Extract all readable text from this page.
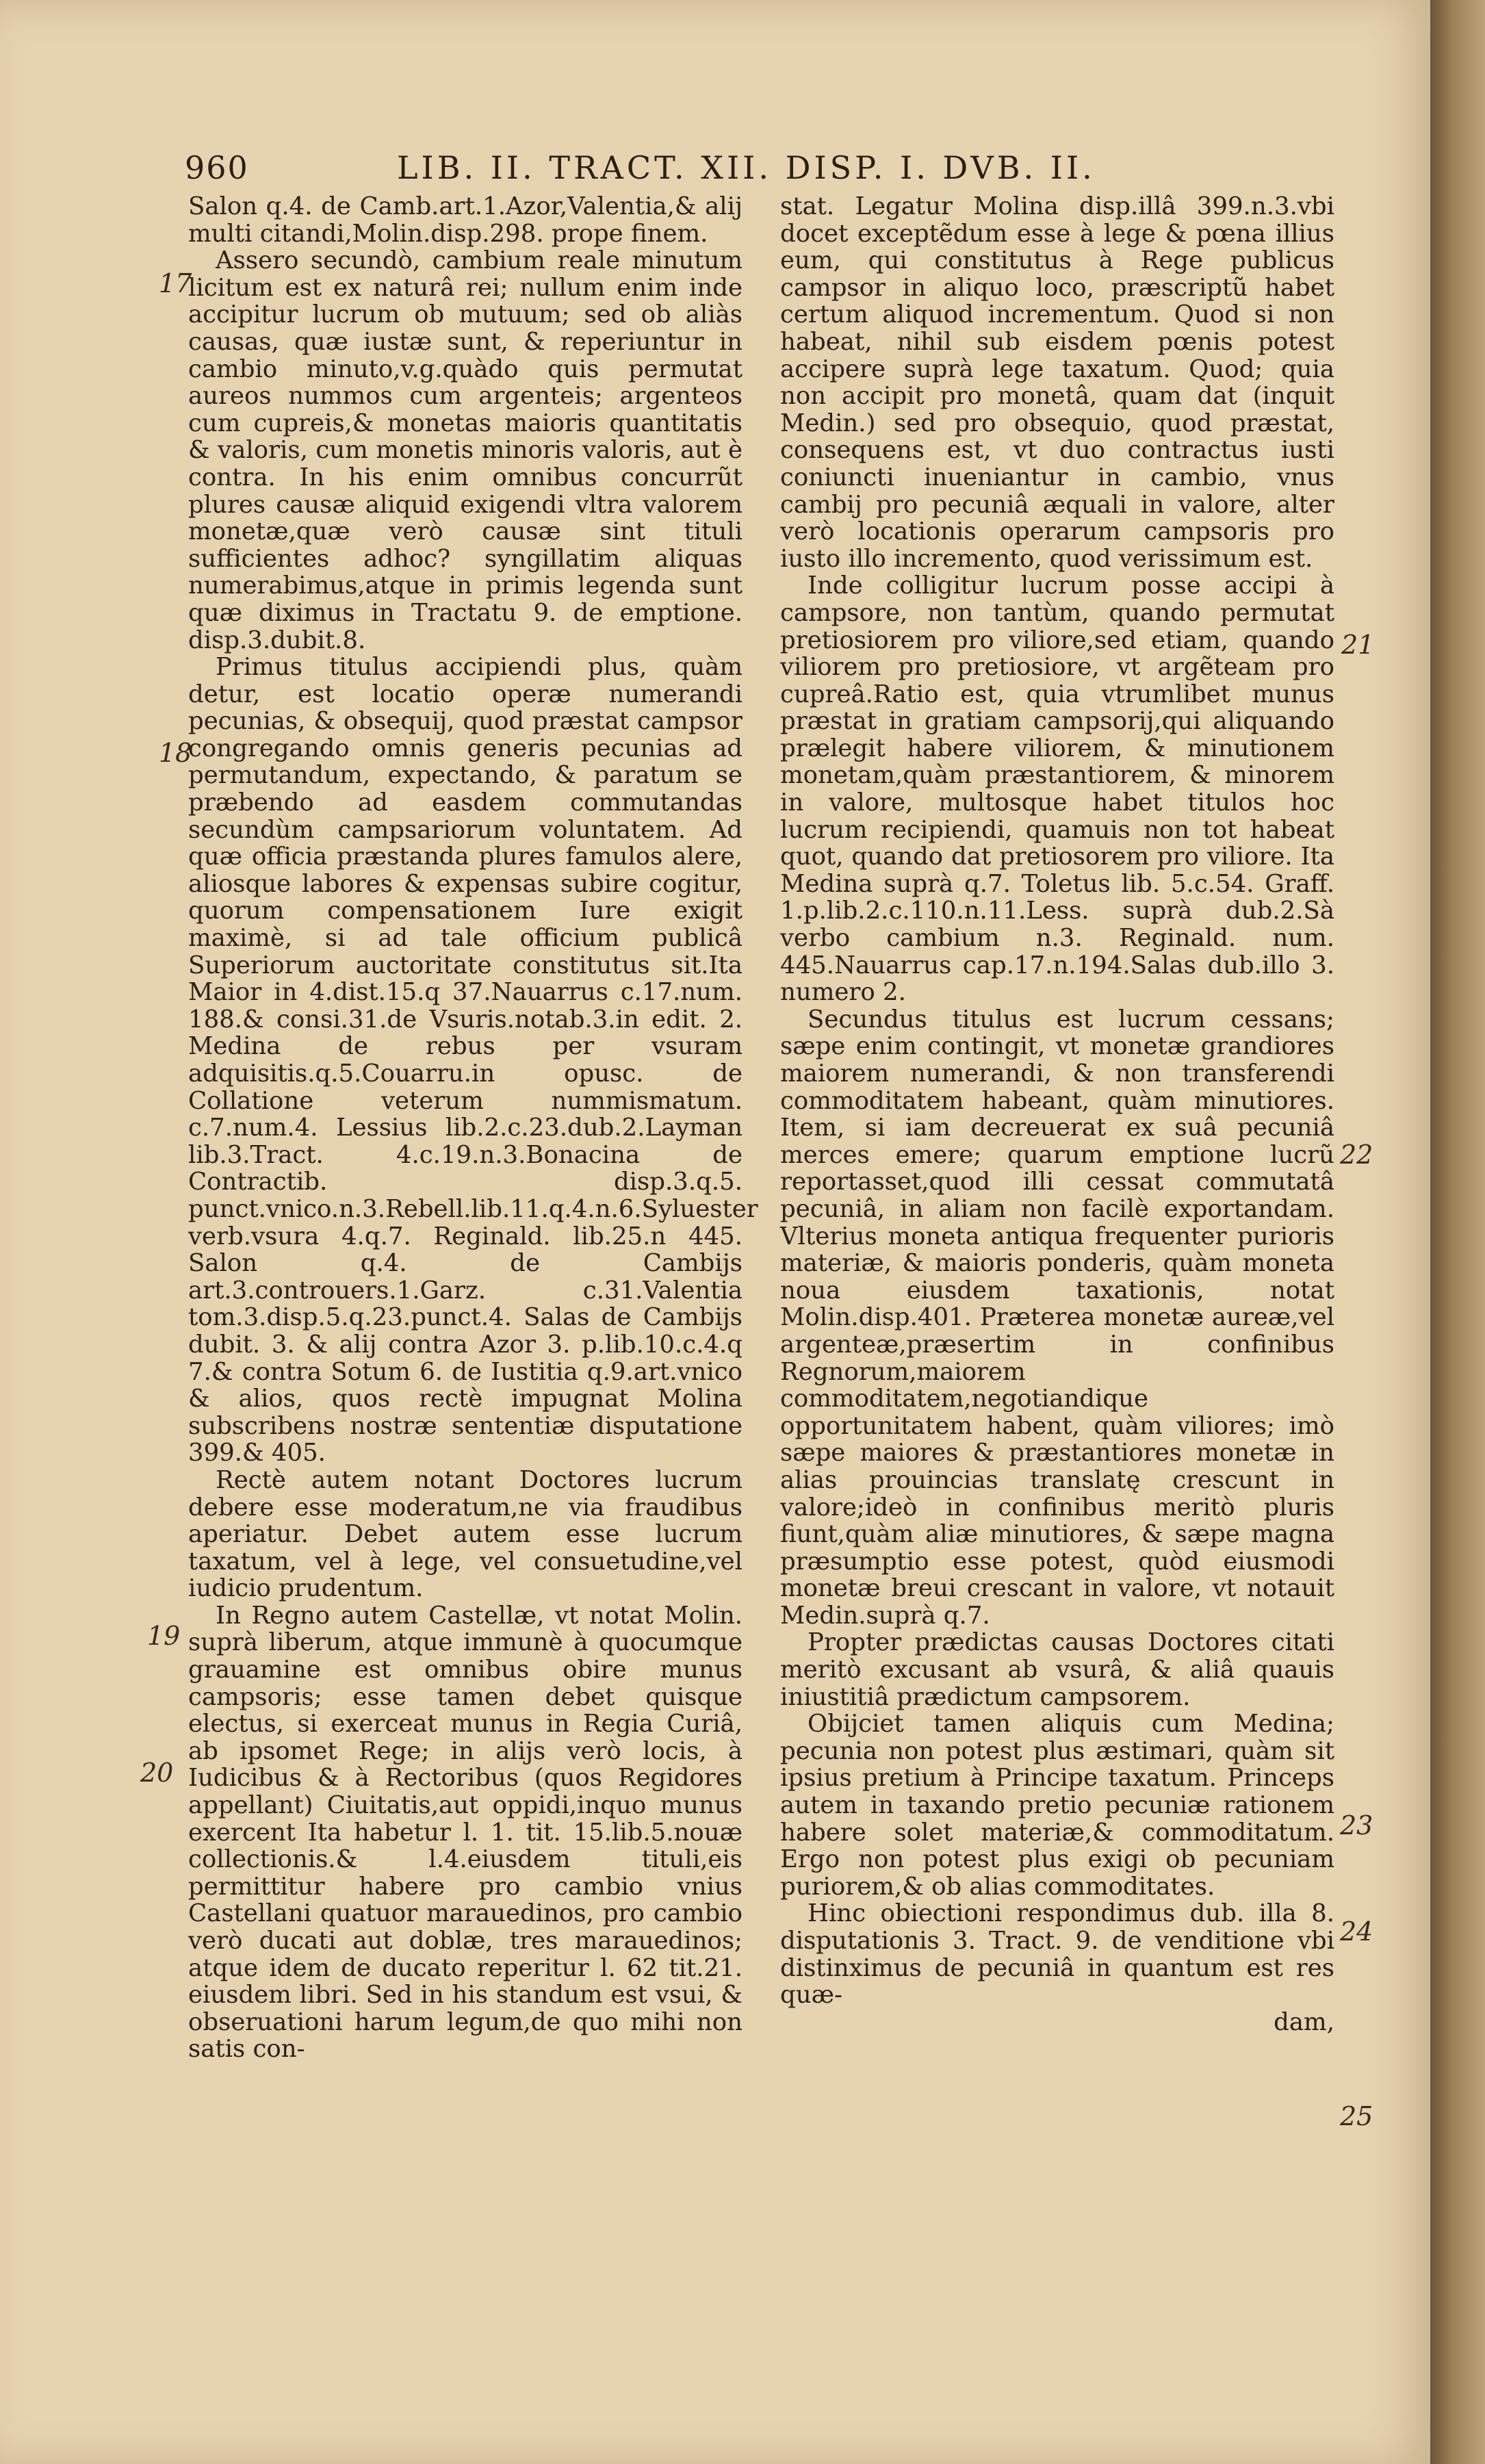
960	LIB. II. TRACT. XII. DISP. I. DVB. II.

Salon q.4. de Camb.art.1.Azor,Valentia,& alij multi citandi,Molin.disp.298. prope finem.

Assero secundò, cambium reale minutum licitum est ex naturâ rei; nullum enim inde accipitur lucrum ob mutuum; sed ob aliàs causas, quæ iustæ sunt, & reperiuntur in cambio minuto,v.g.quàdo quis permutat aureos nummos cum argenteis; argenteos cum cupreis,& monetas maioris quantitatis & valoris, cum monetis minoris valoris, aut è contra. In his enim omnibus concurrũt plures causæ aliquid exigendi vltra valorem monetæ,quæ verò causæ sint tituli sufficientes adhoc? syngillatim aliquas numerabimus,atque in primis legenda sunt quæ diximus in Tractatu 9. de emptione. disp.3.dubit.8.

Primus titulus accipiendi plus, quàm detur, est locatio operæ numerandi pecunias, & obsequij, quod præstat campsor congregando omnis generis pecunias ad permutandum, expectando, & paratum se præbendo ad easdem commutandas secundùm campsariorum voluntatem. Ad quæ officia præstanda plures famulos alere, aliosque labores & expensas subire cogitur, quorum compensationem Iure exigit maximè, si ad tale officium publicâ Superiorum auctoritate constitutus sit.Ita Maior in 4.dist.15.q 37.Nauarrus c.17.num. 188.& consi.31.de Vsuris.notab.3.in edit. 2. Medina de rebus per vsuram adquisitis.q.5.Couarru.in opusc. de Collatione veterum nummismatum. c.7.num.4. Lessius lib.2.c.23.dub.2.Layman lib.3.Tract. 4.c.19.n.3.Bonacina de Contractib. disp.3.q.5. punct.vnico.n.3.Rebell.lib.11.q.4.n.6.Syluester verb.vsura 4.q.7. Reginald. lib.25.n 445. Salon q.4. de Cambijs art.3.controuers.1.Garz. c.31.Valentia tom.3.disp.5.q.23.punct.4. Salas de Cambijs dubit. 3. & alij contra Azor 3. p.lib.10.c.4.q 7.& contra Sotum 6. de Iustitia q.9.art.vnico & alios, quos rectè impugnat Molina subscribens nostræ sententiæ disputatione 399.& 405.

Rectè autem notant Doctores lucrum debere esse moderatum,ne via fraudibus aperiatur. Debet autem esse lucrum taxatum, vel à lege, vel consuetudine,vel iudicio prudentum.

In Regno autem Castellæ, vt notat Molin. suprà liberum, atque immunè à quocumque grauamine est omnibus obire munus campsoris; esse tamen debet quisque electus, si exerceat munus in Regia Curiâ, ab ipsomet Rege; in alijs verò locis, à Iudicibus & à Rectoribus (quos Regidores appellant) Ciuitatis,aut oppidi,inquo munus exercent Ita habetur l. 1. tit. 15.lib.5.nouæ collectionis.& l.4.eiusdem tituli,eis permittitur habere pro cambio vnius Castellani quatuor marauedinos, pro cambio verò ducati aut doblæ, tres marauedinos; atque idem de ducato reperitur l. 62 tit.21. eiusdem libri. Sed in his standum est vsui, & obseruationi harum legum,de quo mihi non satis con-

stat. Legatur Molina disp.illâ 399.n.3.vbi docet exceptẽdum esse à lege & pœna illius eum, qui constitutus à Rege publicus campsor in aliquo loco, præscriptũ habet certum aliquod incrementum. Quod si non habeat, nihil sub eisdem pœnis potest accipere suprà lege taxatum. Quod; quia non accipit pro monetâ, quam dat (inquit Medin.) sed pro obsequio, quod præstat, consequens est, vt duo contractus iusti coniuncti inueniantur in cambio, vnus cambij pro pecuniâ æquali in valore, alter verò locationis operarum campsoris pro iusto illo incremento, quod verissimum est.

Inde colligitur lucrum posse accipi à campsore, non tantùm, quando permutat pretiosiorem pro viliore,sed etiam, quando viliorem pro pretiosiore, vt argẽteam pro cupreâ.Ratio est, quia vtrumlibet munus præstat in gratiam campsorij,qui aliquando prælegit habere viliorem, & minutionem monetam,quàm præstantiorem, & minorem in valore, multosque habet titulos hoc lucrum recipiendi, quamuis non tot habeat quot, quando dat pretiosorem pro viliore. Ita Medina suprà q.7. Toletus lib. 5.c.54. Graff. 1.p.lib.2.c.110.n.11.Less. suprà dub.2.Sà verbo cambium n.3. Reginald. num. 445.Nauarrus cap.17.n.194.Salas dub.illo 3. numero 2.

Secundus titulus est lucrum cessans; sæpe enim contingit, vt monetæ grandiores maiorem numerandi, & non transferendi commoditatem habeant, quàm minutiores. Item, si iam decreuerat ex suâ pecuniâ merces emere; quarum emptione lucrũ reportasset,quod illi cessat commutatâ pecuniâ, in aliam non facilè exportandam. Vlterius moneta antiqua frequenter purioris materiæ, & maioris ponderis, quàm moneta noua eiusdem taxationis, notat Molin.disp.401. Præterea monetæ aureæ,vel argenteæ,præsertim in confinibus Regnorum,maiorem commoditatem,negotiandique opportunitatem habent, quàm viliores; imò sæpe maiores & præstantiores monetæ in alias prouincias translatę crescunt in valore;ideò in confinibus meritò pluris fiunt,quàm aliæ minutiores, & sæpe magna præsumptio esse potest, quòd eiusmodi monetæ breui crescant in valore, vt notauit Medin.suprà q.7.

Propter prædictas causas Doctores citati meritò excusant ab vsurâ, & aliâ quauis iniustitiâ prædictum campsorem.

Obijciet tamen aliquis cum Medina; pecunia non potest plus æstimari, quàm sit ipsius pretium à Principe taxatum. Princeps autem in taxando pretio pecuniæ rationem habere solet materiæ,& commoditatum. Ergo non potest plus exigi ob pecuniam puriorem,& ob alias commoditates.

Hinc obiectioni respondimus dub. illa 8. disputationis 3. Tract. 9. de venditione vbi distinximus de pecuniâ in quantum est res quæ-

dam,

17
18
19
20
21
22
23
24
25
